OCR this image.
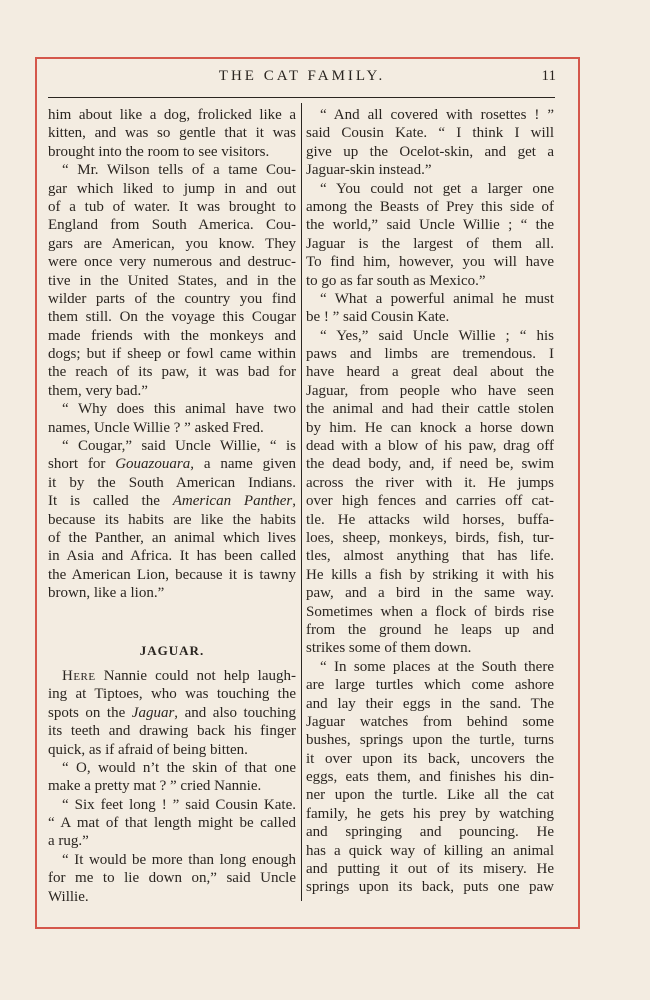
THE CAT FAMILY.	11
him about like a dog, frolicked like a
kitten, and was so gentle that it was
brought into the room to see visitors.
“ Mr. Wilson tells of a tame Cou-
gar which liked to jump in and out
of a tub of water. It was brought to
England from South America. Cou-
gars are American, you know. They
were once very numerous and destruc-
tive in the United States, and in the
wilder parts of the country you find
them still. On the voyage this Cougar
made friends with the monkeys and
dogs; but if sheep or fowl came within
the reach of its paw, it was bad for
them, very bad.”
“ Why does this animal have two
names, Uncle Willie ? ” asked Fred.
“ Cougar,” said Uncle Willie, “ is
short for Gouazouara, a name given
it by the South American Indians.
It is called the American Panther,
because its habits are like the habits
of the Panther, an animal which lives
in Asia and Africa. It has been called
the American Lion, because it is tawny
brown, like a lion.”
JAGUAR.
Here Nannie could not help laugh-
ing at Tiptoes, who was touching the
spots on the Jaguar, and also touching
its teeth and drawing back his finger
quick, as if afraid of being bitten.
“ O, would n’t the skin of that one
make a pretty mat ? ” cried Nannie.
“ Six feet long ! ” said Cousin Kate.
“ A mat of that length might be called
a rug.”
“ It would be more than long enough
for me to lie down on,” said Uncle
Willie.
“ And all covered with rosettes ! ”
said Cousin Kate. “ I think I will
give up the Ocelot-skin, and get a
Jaguar-skin instead.”
“ You could not get a larger one
among the Beasts of Prey this side of
the world,” said Uncle Willie ; “ the
Jaguar is the largest of them all.
To find him, however, you will have
to go as far south as Mexico.”
“ What a powerful animal he must
be ! ” said Cousin Kate.
“ Yes,” said Uncle Willie ; “ his
paws and limbs are tremendous. I
have heard a great deal about the
Jaguar, from people who have seen
the animal and had their cattle stolen
by him. He can knock a horse down
dead with a blow of his paw, drag off
the dead body, and, if need be, swim
across the river with it. He jumps
over high fences and carries off cat-
tle. He attacks wild horses, buffa-
loes, sheep, monkeys, birds, fish, tur-
tles, almost anything that has life.
He kills a fish by striking it with his
paw, and a bird in the same way.
Sometimes when a flock of birds rise
from the ground he leaps up and
strikes some of them down.
“ In some places at the South there
are large turtles which come ashore
and lay their eggs in the sand. The
Jaguar watches from behind some
bushes, springs upon the turtle, turns
it over upon its back, uncovers the
eggs, eats them, and finishes his din-
ner upon the turtle. Like all the cat
family, he gets his prey by watching
and springing and pouncing. He
has a quick way of killing an animal
and putting it out of its misery. He
springs upon its back, puts one paw
